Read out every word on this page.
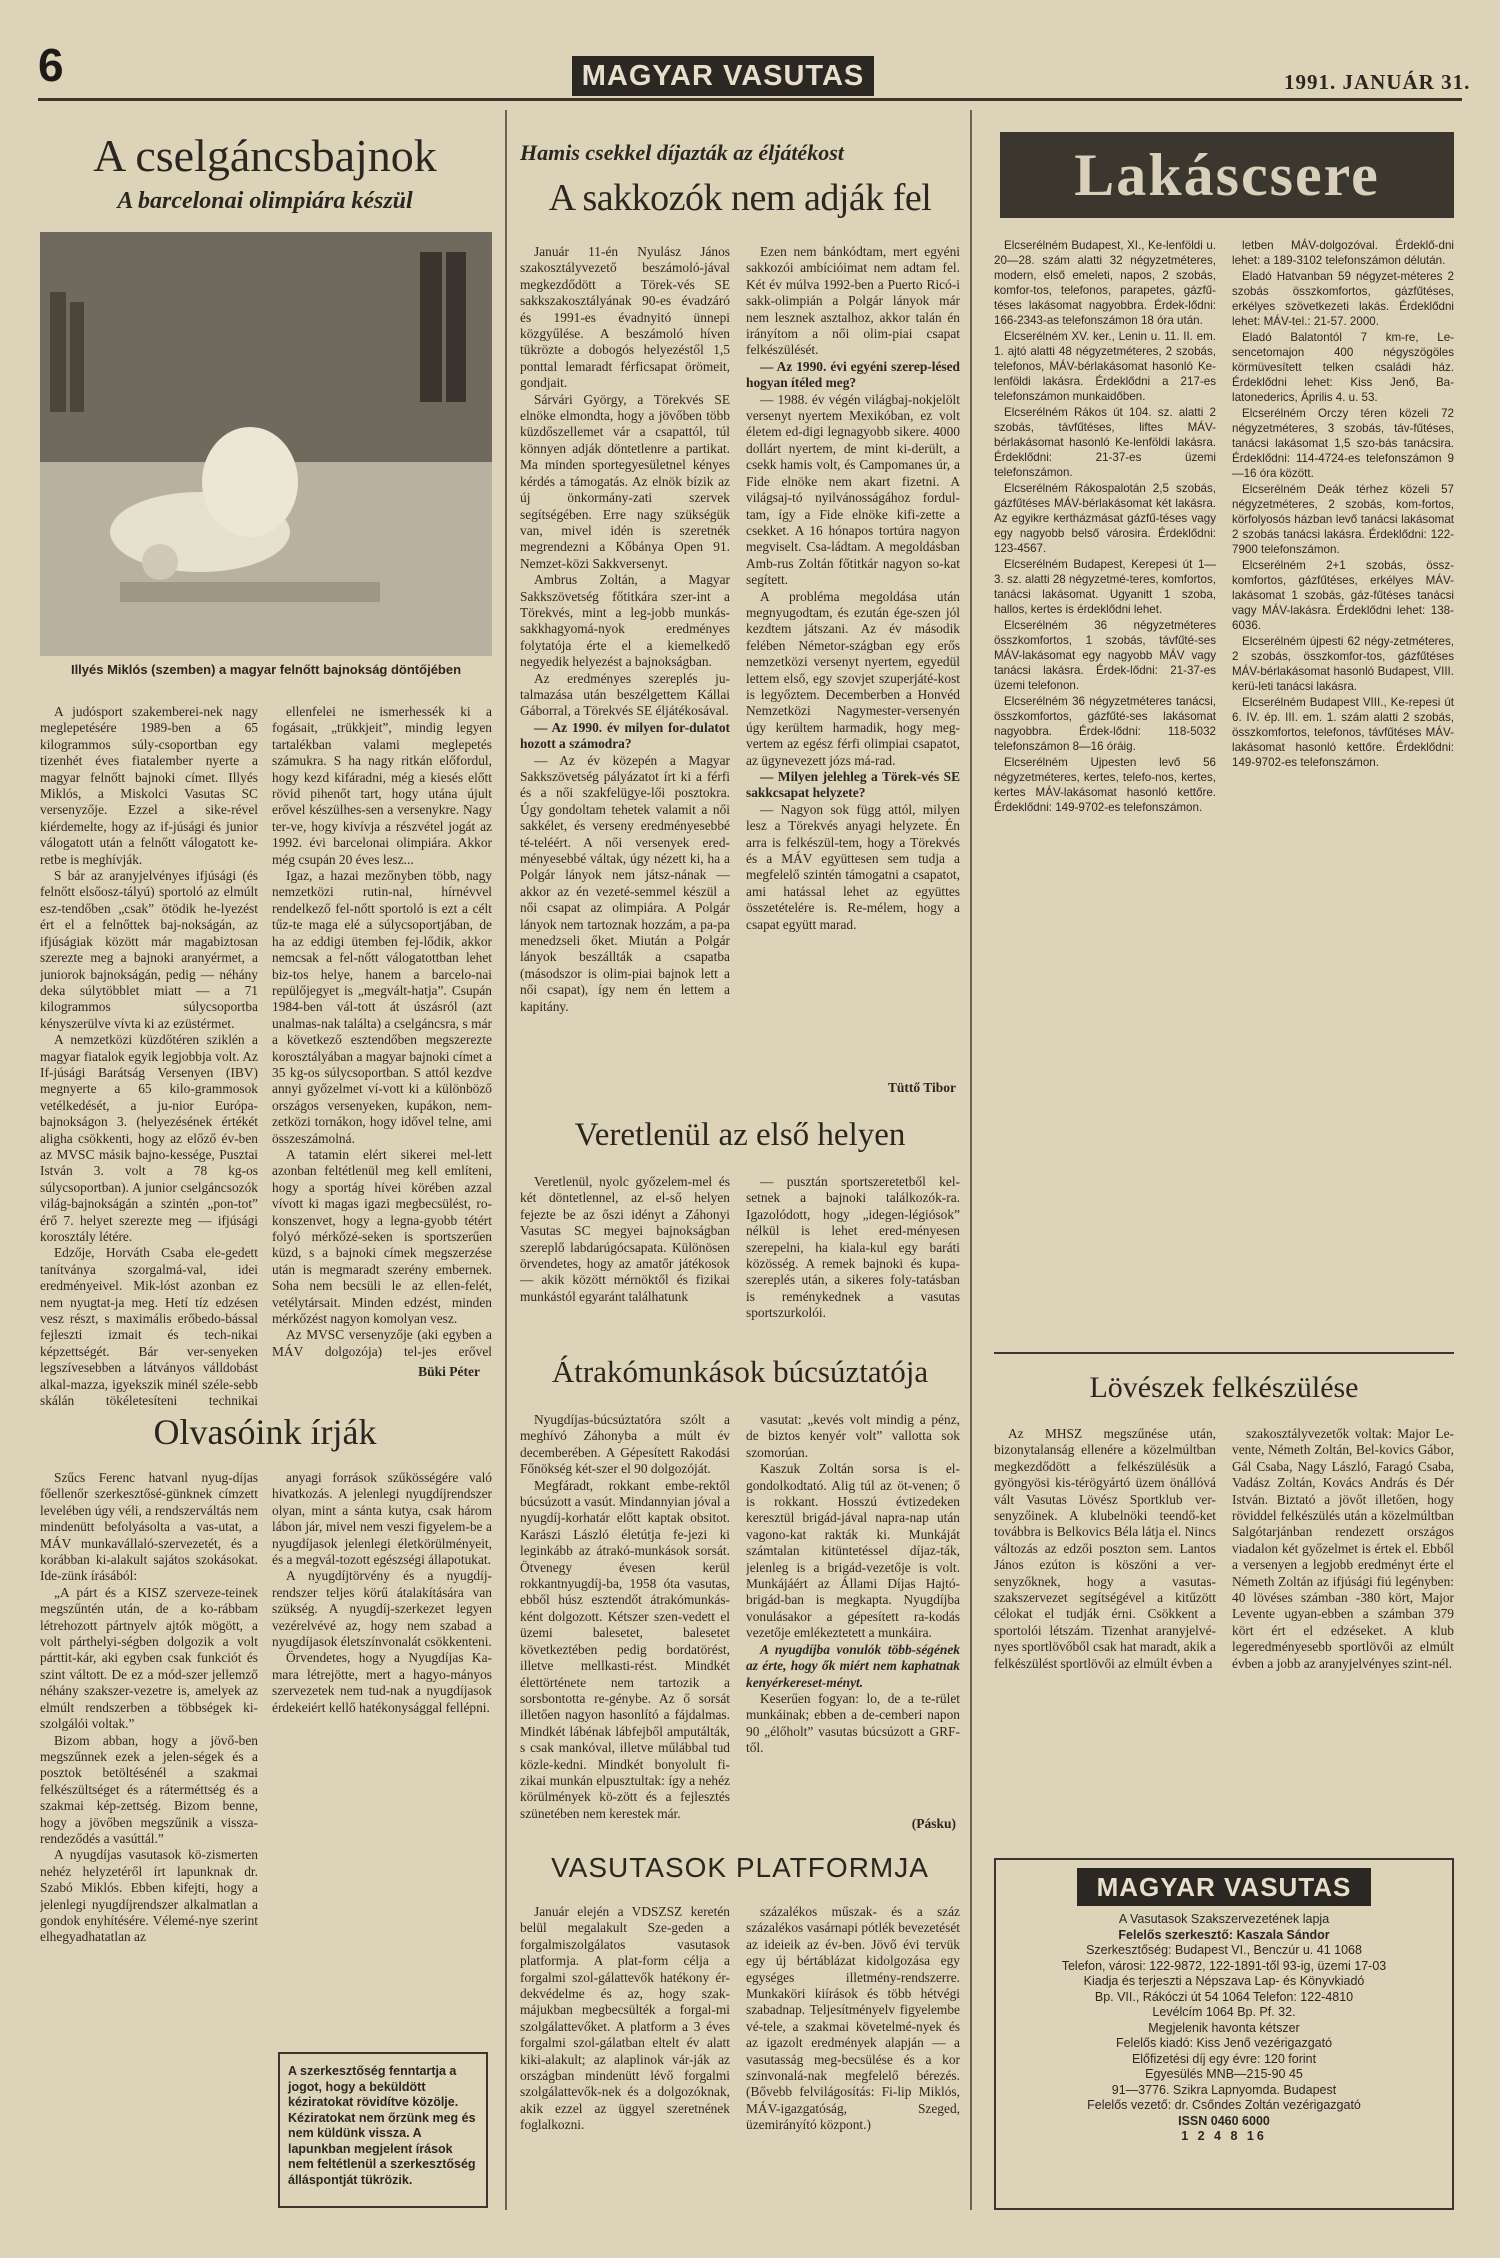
6	MAGYAR VASUTAS	1991. JANUÁR 31.
A cselgáncsbajnok
A barcelonai olimpiára készül
Illyés Miklós (szemben) a magyar felnőtt bajnokság döntőjében

A judósport szakemberei-nek nagy meglepetésére 1989-ben a 65 kilogrammos súly-csoportban egy tizenhét éves fiatalember nyerte a magyar felnőtt bajnoki címet. Illyés Miklós, a Miskolci Vasutas SC versenyzője. Ezzel a sike-rével kiérdemelte, hogy az if-júsági és junior válogatott után a felnőtt válogatott ke-retbe is meghívják.

S bár az aranyjelvényes ifjúsági (és felnőtt elsőosz-tályú) sportoló az elmúlt esz-tendőben „csak” ötödik he-lyezést ért el a felnőttek baj-nokságán, az ifjúságiak között már magabiztosan szerezte meg a bajnoki aranyérmet, a juniorok bajnokságán, pedig — néhány deka súlytöbblet miatt — a 71 kilogrammos súlycsoportba kényszerülve vívta ki az ezüstérmet.

A nemzetközi küzdőtéren sziklén a magyar fiatalok egyik legjobbja volt. Az If-júsági Barátság Versenyen (IBV) megnyerte a 65 kilo-grammosok vetélkedését, a ju-nior Európa-bajnokságon 3. (helyezésének értékét aligha csökkenti, hogy az előző év-ben az MVSC másik bajno-kessége, Pusztai István 3. volt a 78 kg-os súlycsoportban). A junior cselgáncsozók világ-bajnokságán a szintén „pon-tot” érő 7. helyet szerezte meg — ifjúsági korosztály létére.

Edzője, Horváth Csaba ele-gedett tanítványa szorgalmá-val, idei eredményeivel. Mik-lóst azonban ez nem nyugtat-ja meg. Hetí tíz edzésen vesz részt, s maximális erőbedo-bással fejleszti izmait és tech-nikai képzettségét. Bár ver-senyeken legszívesebben a látványos válldobást alkal-mazza, igyekszik minél széle-sebb skálán tökéletesíteni technikai

ellenfelei ne ismerhessék ki a fogásait, „trükkjeit”, mindig legyen tartalékban valami meglepetés számukra. S ha nagy ritkán előfordul, hogy kezd kifáradni, még a kiesés előtt rövid pihenőt tart, hogy utána újult erővel készülhes-sen a versenykre. Nagy ter-ve, hogy kivívja a részvétel jogát az 1992. évi barcelonai olimpiára. Akkor még csupán 20 éves lesz...

Igaz, a hazai mezőnyben több, nagy nemzetközi rutin-nal, hírnévvel rendelkező fel-nőtt sportoló is ezt a célt tűz-te maga elé a súlycsoportjában, de ha az eddigi ütemben fej-lődik, akkor nemcsak a fel-nőtt válogatottban lehet biz-tos helye, hanem a barcelo-nai repülőjegyet is „megvált-hatja”. Csupán 1984-ben vál-tott át úszásról (azt unalmas-nak találta) a cselgáncsra, s már a következő esztendőben megszerezte korosztályában a magyar bajnoki címet a 35 kg-os súlycsoportban. S attól kezdve annyi győzelmet ví-vott ki a különböző országos versenyeken, kupákon, nem-zetközi tornákon, hogy idővel telne, ami összeszámolná.

A tatamin elért sikerei mel-lett azonban feltétlenül meg kell említeni, hogy a sportág hívei körében azzal vívott ki magas igazi megbecsülést, ro-konszenvet, hogy a legna-gyobb tétért folyó mérkőzé-seken is sportszerűen küzd, s a bajnoki címek megszerzése után is megmaradt szerény embernek. Soha nem becsüli le az ellen-felét, vetélytársait. Minden edzést, minden mérkőzést nagyon komolyan vesz.

Az MVSC versenyzője (aki egyben a MÁV dolgozója) tel-jes erővel

Büki Péter
Olvasóink írják

Szűcs Ferenc hatvanl nyug-díjas főellenőr szerkesztősé-günknek címzett levelében úgy véli, a rendszerváltás nem mindenütt befolyásolta a vas-utat, a MÁV munkavállaló-szervezetét, és a korábban ki-alakult sajátos szokásokat. Ide-zünk írásából:

„A párt és a KISZ szerveze-teinek megszűntén után, de a ko-rábbam létrehozott pártnyelv ajtók mögött, a volt párthelyi-ségben dolgozik a volt párttit-kár, aki egyben csak funkciót és szint váltott. De ez a mód-szer jellemző néhány szakszer-vezetre is, amelyek az elmúlt rendszerben a többségek ki-szolgálói voltak.”

Bizom abban, hogy a jövő-ben megszűnnek ezek a jelen-ségek és a posztok betöltésénél a szakmai felkészültséget és a ráterméttség és a szakmai kép-zettség. Bizom benne, hogy a jövőben megszűnik a vissza-rendeződés a vasúttál.”

A nyugdíjas vasutasok kö-zismerten nehéz helyzetéről írt lapunknak dr. Szabó Miklós. Ebben kifejti, hogy a jelenlegi nyugdíjrendszer alkalmatlan a gondok enyhítésére. Vélemé-nye szerint elhegyadhatatlan az

anyagi források szűkösségére való hivatkozás. A jelenlegi nyugdíjrendszer olyan, mint a sánta kutya, csak három lábon jár, mivel nem veszi figyelem-be a nyugdíjasok jelenlegi életkörülményeit, és a megvál-tozott egészségi állapotukat.

A nyugdíjtörvény és a nyugdíj-rendszer teljes körű átalakítására van szükség. A nyugdíj-szerkezet legyen vezérelvévé az, hogy nem szabad a nyugdíjasok életszínvonalát csökkenteni.

Örvendetes, hogy a Nyugdíjas Ka-mara létrejötte, mert a hagyo-mányos szervezetek nem tud-nak a nyugdíjasok érdekeiért kellő hatékonysággal fellépni.

A szerkesztőség fenntartja a jogot, hogy a beküldött kéziratokat rövidítve közölje. Kéziratokat nem őrzünk meg és nem küldünk vissza. A lapunkban megjelent írások nem feltétlenül a szerkesztőség álláspontját tükrözik.
Hamis csekkel díjazták az éljátékost
A sakkozók nem adják fel

Január 11-én Nyulász János szakosztályvezető beszámoló-jával megkezdődött a Törek-vés SE sakkszakosztályának 90-es évadzáró és 1991-es évadnyitó ünnepi közgyűlése. A beszámoló híven tükrözte a dobogós helyezéstől 1,5 ponttal lemaradt férficsapat örömeit, gondjait.

Sárvári György, a Törekvés SE elnöke elmondta, hogy a jövőben több küzdőszellemet vár a csapattól, túl könnyen adják döntetlenre a partikat. Ma minden sportegyesületnel kényes kérdés a támogatás. Az elnök bízik az új önkormány-zati szervek segítségében. Erre nagy szükségük van, mivel idén is szeretnék megrendezni a Kőbánya Open 91. Nemzet-közi Sakkversenyt.

Ambrus Zoltán, a Magyar Sakkszövetség főtitkára szer-int a Törekvés, mint a leg-jobb munkás-sakkhagyomá-nyok eredményes folytatója érte el a kiemelkedő negyedik helyezést a bajnokságban.

Az eredményes szereplés ju-talmazása után beszélgettem Kállai Gáborral, a Törekvés SE éljátékosával.

— Az 1990. év milyen for-dulatot hozott a számodra?

— Az év közepén a Magyar Sakkszövetség pályázatot írt ki a férfi és a női szakfelügye-lői posztokra. Úgy gondoltam tehetek valamit a női sakkélet, és verseny eredményesebbé té-teléért. A női versenyek ered-ményesebbé váltak, úgy nézett ki, ha a Polgár lányok nem játsz-nának — akkor az én vezeté-semmel készül a női csapat az olimpiára. A Polgár lányok nem tartoznak hozzám, a pa-pa menedzseli őket. Miután a Polgár lányok beszállták a csapatba (másodszor is olim-piai bajnok lett a női csapat), így nem én lettem a kapitány.

Ezen nem bánkódtam, mert egyéni sakkozói ambícióimat nem adtam fel. Két év múlva 1992-ben a Puerto Ricó-i sakk-olimpián a Polgár lányok már nem lesznek asztalhoz, akkor talán én irányítom a női olim-piai csapat felkészülését.

— Az 1990. évi egyéni szerep-lésed hogyan ítéled meg?

— 1988. év végén világbaj-nokjelölt versenyt nyertem Mexikóban, ez volt életem ed-digi legnagyobb sikere. 4000 dollárt nyertem, de mint ki-derült, a csekk hamis volt, és Campomanes úr, a Fide elnöke nem akart fizetni. A világsaj-tó nyilvánosságához fordul-tam, így a Fide elnöke kifi-zette a csekket. A 16 hónapos tortúra nagyon megviselt. Csa-ládtam. A megoldásban Amb-rus Zoltán főtitkár nagyon so-kat segített.

A probléma megoldása után megnyugodtam, és ezután ége-szen jól kezdtem játszani. Az év második felében Németor-szágban egy erős nemzetközi versenyt nyertem, egyedül lettem első, egy szovjet szuperjáté-kost is legyőztem. Decemberben a Honvéd Nemzetközi Nagymester-versenyén úgy kerültem harmadik, hogy meg-vertem az egész férfi olimpiai csapatot, az ügynevezett józs má-rad.

— Milyen jelehleg a Törek-vés SE sakkcsapat helyzete?

— Nagyon sok függ attól, milyen lesz a Törekvés anyagi helyzete. Én arra is felkészül-tem, hogy a Törekvés és a MÁV együttesen sem tudja a megfelelő szintén támogatni a csapatot, ami hatással lehet az együttes összetételére is. Re-mélem, hogy a csapat együtt marad.

Tüttő Tibor
Veretlenül az első helyen

Veretlenül, nyolc győzelem-mel és két döntetlennel, az el-ső helyen fejezte be az őszi idényt a Záhonyi Vasutas SC megyei bajnokságban szereplő labdarúgócsapata. Különösen örvendetes, hogy az amatőr játékosok — akik között mérnöktől és fizikai munkástól egyaránt találhatunk

— pusztán sportszeretetből kel-setnek a bajnoki találkozók-ra. Igazolódott, hogy „idegen-légiósok” nélkül is lehet ered-ményesen szerepelni, ha kiala-kul egy baráti közösség. A remek bajnoki és kupa-szereplés után, a sikeres foly-tatásban is reménykednek a vasutas sportszurkolói.

Átrakómunkások búcsúztatója

Nyugdíjas-búcsúztatóra szólt a meghívó Záhonyba a múlt év decemberében. A Gépesített Rakodási Főnökség két-szer el 90 dolgozóját.

Megfáradt, rokkant embe-rektől búcsúzott a vasút. Mindannyian jóval a nyugdíj-korhatár előtt kaptak obsitot. Karászi László életútja fe-jezi ki leginkább az átrakó-munkások sorsát. Ötvenegy évesen kerül rokkantnyugdíj-ba, 1958 óta vasutas, ebből húsz esztendőt átrakómunkás-ként dolgozott. Kétszer szen-vedett el üzemi balesetet, balesetet következtében pedig bordatörést, illetve mellkasti-rést. Mindkét élettörténete nem tartozik a sorsbontotta re-génybe. Az ő sorsát illetően nagyon hasonlító a fájdalmas. Mindkét lábénak lábfejből amputálták, s csak mankóval, illetve műlábbal tud közle-kedni. Mindkét bonyolult fi-zikai munkán elpusztultak: így a nehéz körülmények kö-zött és a fejlesztés szünetében nem kerestek már.

vasutat: „kevés volt mindig a pénz, de biztos kenyér volt” vallotta sok szomorúan.

Kaszuk Zoltán sorsa is el-gondolkodtató. Alig túl az öt-venen; ő is rokkant. Hosszú évtizedeken keresztül brigád-jával napra-nap után vagono-kat rakták ki. Munkáját számtalan kitüntetéssel díjaz-ták, jelenleg is a brigád-vezetője is volt. Munkájáért az Állami Díjas Hajtó-brigád-ban is megkapta. Nyugdíjba vonulásakor a gépesített ra-kodás vezetője emlékeztetett a munkáira.

A nyugdíjba vonulók több-ségének az érte, hogy ők miért nem kaphatnak kenyérkereset-ményt.

Keserűen fogyan: lo, de a te-rület munkáinak; ebben a de-cemberi napon 90 „élőholt” vasutas búcsúzott a GRF-től.

(Pásku)
VASUTASOK PLATFORMJA

Január elején a VDSZSZ keretén belül megalakult Sze-geden a forgalmiszolgálatos vasutasok platformja. A plat-form célja a forgalmi szol-gálattevők hatékony ér-dekvédelme és az, hogy szak-májukban megbecsülték a forgal-mi szolgálattevőket. A platform a 3 éves forgalmi szol-gálatban eltelt év alatt kiki-alakult; az alaplinok vár-ják az országban mindenütt lévő forgalmi szolgálattevők-nek és a dolgozóknak, akik ezzel az üggyel szeretnének foglalkozni.

százalékos műszak- és a száz százalékos vasárnapi pótlék bevezetését az ideieik az év-ben. Jövő évi tervük egy új bértáblázat kidolgozása egy egységes illetmény-rendszerre. Munkaköri kiírások és több hétvégi szabadnap. Teljesítményelv figyelembe vé-tele, a szakmai követelmé-nyek és az igazolt eredmények alapján — a vasutasság meg-becsülése és a kor szinvonalá-nak megfelelő bérezés. (Bővebb felvilágosítás: Fi-lip Miklós, MÁV-igazgatóság, Szeged, üzemirányító központ.)

Lakáscsere

Elcserélném Budapest, XI., Ke-lenföldi u. 20—28. szám alatti 32 négyzetméteres, modern, első emeleti, napos, 2 szobás, komfor-tos, telefonos, parapetes, gázfű-téses lakásomat nagyobbra. Érdek-lődni: 166-2343-as telefonszámon 18 óra után.

Elcserélném XV. ker., Lenin u. 11. II. em. 1. ajtó alatti 48 négyzetméteres, 2 szobás, telefonos, MÁV-bérlakásomat hasonló Ke-lenföldi lakásra. Érdeklődni a 217-es telefonszámon munkaidőben.

Elcserélném Rákos út 104. sz. alatti 2 szobás, távfűtéses, liftes MÁV-bérlakásomat hasonló Ke-lenföldi lakásra. Érdeklődni: 21-37-es üzemi telefonszámon.

Elcserélném Rákospalotán 2,5 szobás, gázfűtéses MÁV-bérlakásomat két lakásra. Az egyikre kertházmásat gázfű-téses vagy egy nagyobb belső városira. Érdeklődni: 123-4567.

Elcserélném Budapest, Kerepesi út 1—3. sz. alatti 28 négyzetmé-teres, komfortos, tanácsi lakásomat. Ugyanitt 1 szoba, hallos, kertes is érdeklődni lehet.

Elcserélném 36 négyzetméteres összkomfortos, 1 szobás, távfűté-ses MÁV-lakásomat egy nagyobb MÁV vagy tanácsi lakásra. Érdek-lődni: 21-37-es üzemi telefonon.

Elcserélném 36 négyzetméteres tanácsi, összkomfortos, gázfűté-ses lakásomat nagyobbra. Érdek-lődni: 118-5032 telefonszámon 8—16 óráig.

Elcserélném Ujpesten levő 56 négyzetméteres, kertes, telefo-nos, kertes, kertes MÁV-lakásomat hasonló kettőre. Érdeklődni: 149-9702-es telefonszámon.

letben MÁV-dolgozóval. Érdeklő-dni lehet: a 189-3102 telefonszámon délután.

Eladó Hatvanban 59 négyzet-méteres 2 szobás összkomfortos, gázfűtéses, erkélyes szövetkezeti lakás. Érdeklődni lehet: MÁV-tel.: 21-57. 2000.

Eladó Balatontól 7 km-re, Le-sencetomajon 400 négyszögöles körmüvesített telken családi ház. Érdeklődni lehet: Kiss Jenő, Ba-latonederics, Április 4. u. 53.

Elcserélném Orczy téren közeli 72 négyzetméteres, 3 szobás, táv-fűtéses, tanácsi lakásomat 1,5 szo-bás tanácsira. Érdeklődni: 114-4724-es telefonszámon 9—16 óra között.

Elcserélném Deák térhez közeli 57 négyzetméteres, 2 szobás, kom-fortos, körfolyosós házban levő tanácsi lakásomat 2 szobás tanácsi lakásra. Érdeklődni: 122-7900 telefonszámon.

Elcserélném 2+1 szobás, össz-komfortos, gázfűtéses, erkélyes MÁV-lakásomat 1 szobás, gáz-fűtéses tanácsi vagy MÁV-lakásra. Érdeklődni lehet: 138-6036.

Elcserélném újpesti 62 négy-zetméteres, 2 szobás, összkomfor-tos, gázfűtéses MÁV-bérlakásomat hasonló Budapest, VIII. kerü-leti tanácsi lakásra.

Elcserélném Budapest VIII., Ke-repesi út 6. IV. ép. III. em. 1. szám alatti 2 szobás, összkomfortos, telefonos, távfűtéses MÁV-lakásomat hasonló kettőre. Érdeklődni: 149-9702-es telefonszámon.

Lövészek felkészülése

Az MHSZ megszűnése után, bizonytalanság ellenére a közelmúltban megkezdődött a felkészülésük a gyöngyösi kis-térögyártó üzem önállóvá vált Vasutas Lövész Sportklub ver-senyzőinek. A klubelnöki teendő-ket továbbra is Belkovics Béla látja el. Nincs változás az edzői poszton sem. Lantos János ezúton is köszöni a ver-senyzőknek, hogy a vasutas-szakszervezet segítségével a kitűzött célokat el tudják érni. Csökkent a sportolói létszám. Tizenhat aranyjelvé-nyes sportlövőből csak hat maradt, akik a felkészülést sportlövői az elmúlt évben a

szakosztályvezetők voltak: Major Le-vente, Németh Zoltán, Bel-kovics Gábor, Gál Csaba, Nagy László, Faragó Csaba, Vadász Zoltán, Kovács András és Dér István. Biztató a jövőt illetően, hogy röviddel felkészülés után a közelmúltban Salgótarjánban rendezett országos viadalon két győzelmet is értek el. Ebből a versenyen a legjobb eredményt érte el Németh Zoltán az ifjúsági fiú legényben: 40 lövéses számban -380 kört, Major Levente ugyan-ebben a számban 379 kört ért el edzéseket. A klub legeredményesebb sportlövői az elmúlt évben a jobb az aranyjelvényes szint-nél.

MAGYAR VASUTAS

A Vasutasok Szakszervezetének lapja

Felelős szerkesztő: Kaszala Sándor

Szerkesztőség: Budapest VI., Benczúr u. 41 1068

Telefon, városi: 122-9872, 122-1891-től 93-ig, üzemi 17-03

Kiadja és terjeszti a Népszava Lap- és Könyvkiadó

Bp. VII., Rákóczi út 54 1064 Telefon: 122-4810

Levélcím 1064 Bp. Pf. 32.

Megjelenik havonta kétszer

Felelős kiadó: Kiss Jenő vezérigazgató

Előfizetési díj egy évre: 120 forint

Egyesülés MNB—215-90 45

91—3776. Szikra Lapnyomda. Budapest

Felelős vezető: dr. Csőndes Zoltán vezérigazgató

ISSN 0460 6000

1 2 4 8 16
